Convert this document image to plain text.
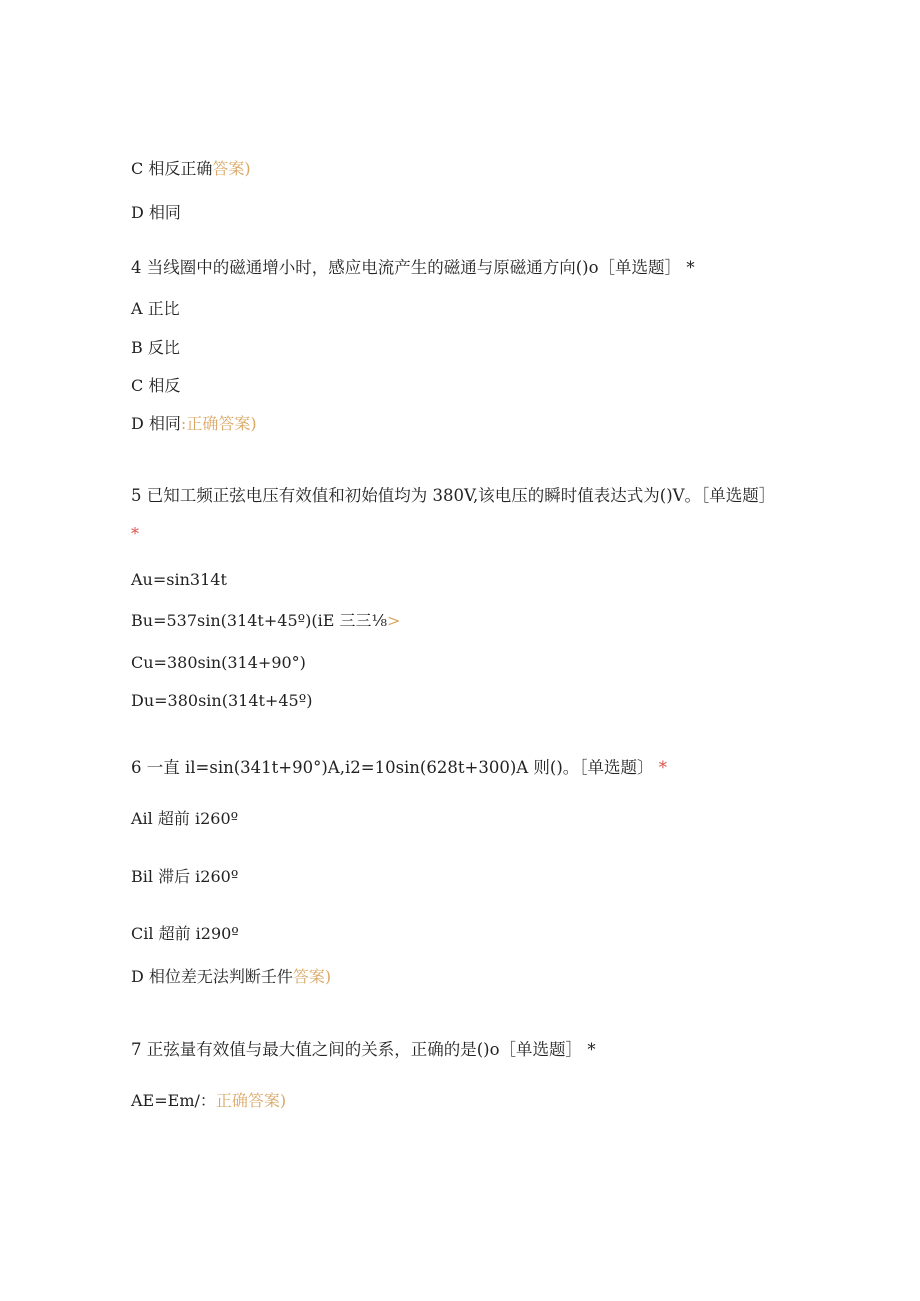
C 相反正确答案)
D 相同
4 当线圈中的磁通增小时，感应电流产生的磁通与原磁通方向()o［单选题］ *
A 正比
B 反比
C 相反
D 相同:正确答案)
5 已知工频正弦电压有效值和初始值均为 380V,该电压的瞬时值表达式为()V。［单选题］
*
Au=sin314t
Bu=537sin(314t+45º)(iE 三三⅛>
Cu=380sin(314+90°)
Du=380sin(314t+45º)
6 一直 il=sin(341t+90°)A,i2=10sin(628t+300)A 则()。［单选题〕 *
Ail 超前 i260º
Bil 滞后 i260º
Cil 超前 i290º
D 相位差无法判断壬件答案)
7 正弦量有效值与最大值之间的关系，正确的是()o［单选题］ *
AE=Em/：正确答案)
